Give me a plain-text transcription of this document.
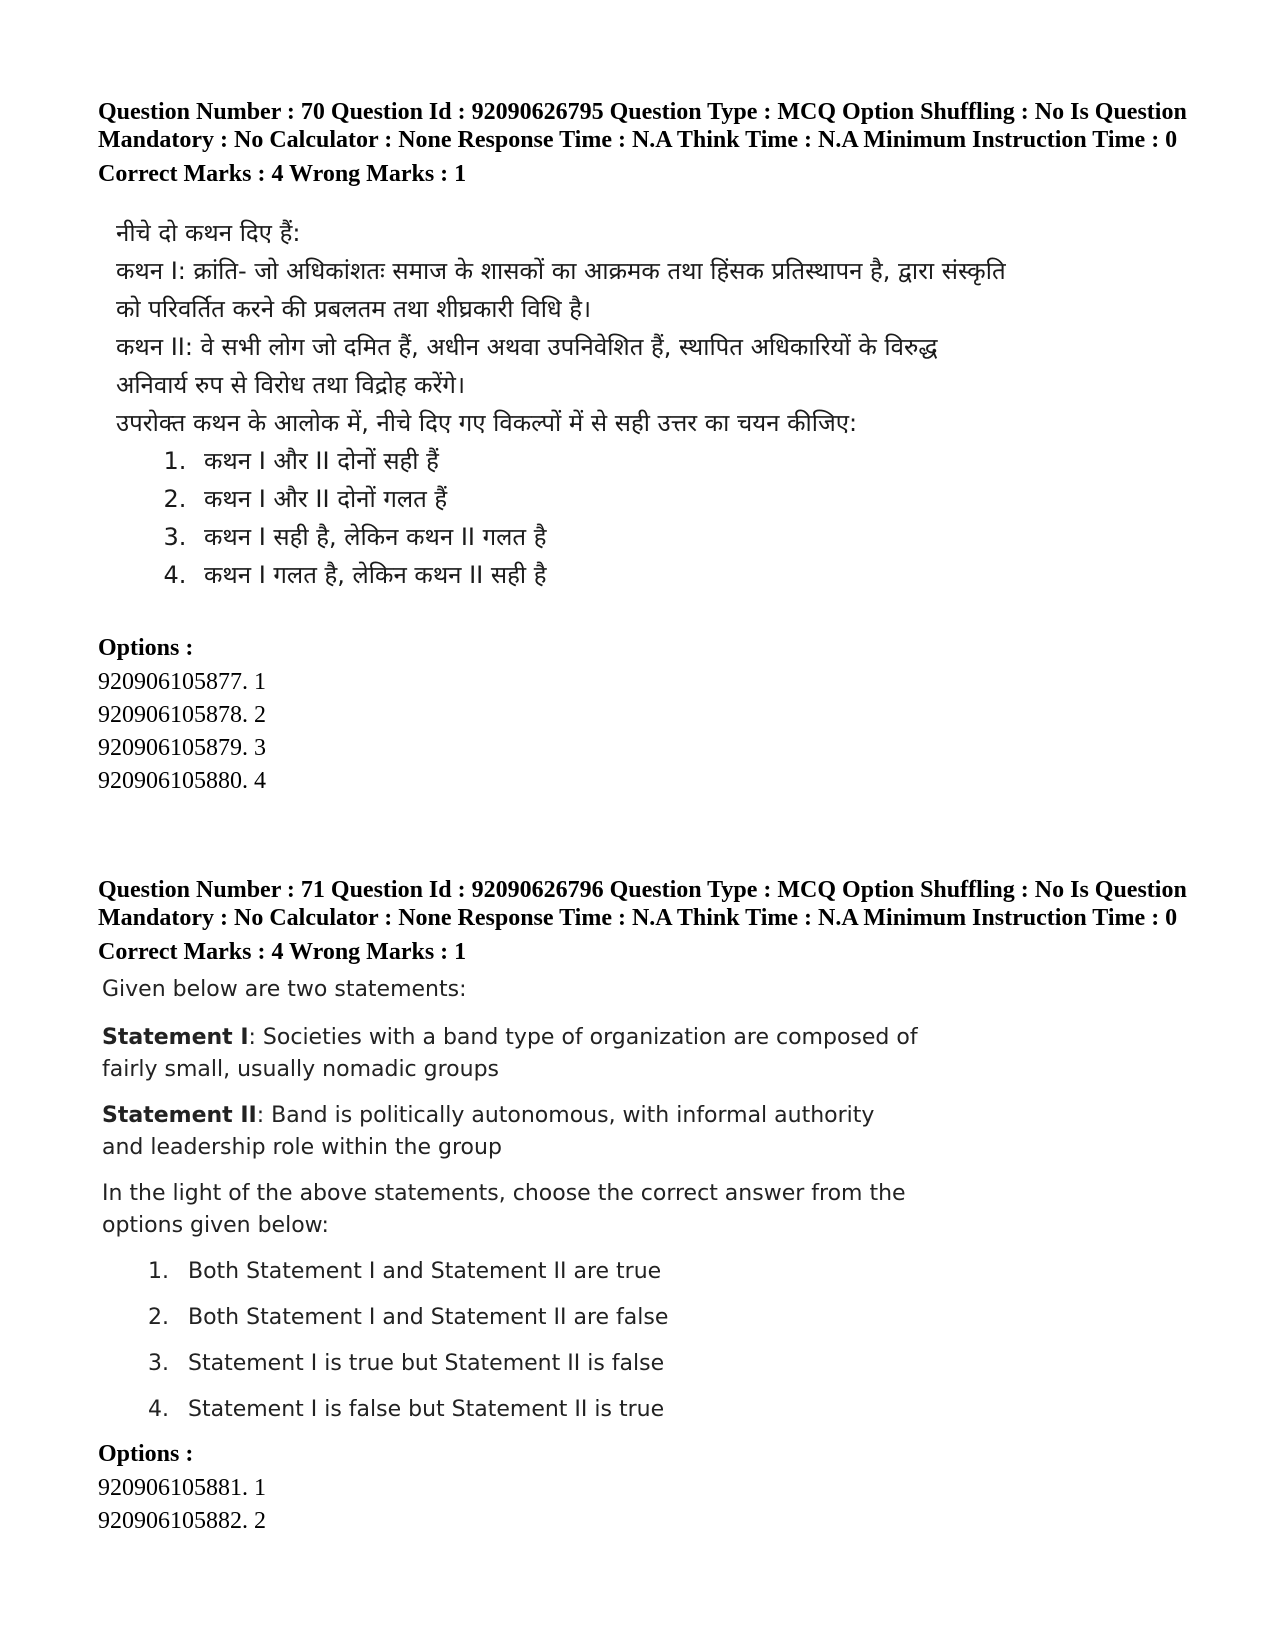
Question Number : 70 Question Id : 92090626795 Question Type : MCQ Option Shuffling : No Is Question Mandatory : No Calculator : None Response Time : N.A Think Time : N.A Minimum Instruction Time : 0

Correct Marks : 4 Wrong Marks : 1

नीचे दो कथन दिए हैं:

कथन I: क्रांति- जो अधिकांशतः समाज के शासकों का आक्रमक तथा हिंसक प्रतिस्थापन है, द्वारा संस्कृति को परिवर्तित करने की प्रबलतम तथा शीघ्रकारी विधि है।

कथन II: वे सभी लोग जो दमित हैं, अधीन अथवा उपनिवेशित हैं, स्थापित अधिकारियों के विरुद्ध अनिवार्य रुप से विरोध तथा विद्रोह करेंगे।

उपरोक्त कथन के आलोक में, नीचे दिए गए विकल्पों में से सही उत्तर का चयन कीजिए:

1. कथन I और II दोनों सही हैं
2. कथन I और II दोनों गलत हैं
3. कथन I सही है, लेकिन कथन II गलत है
4. कथन I गलत है, लेकिन कथन II सही है

Options :

920906105877. 1
920906105878. 2
920906105879. 3
920906105880. 4

Question Number : 71 Question Id : 92090626796 Question Type : MCQ Option Shuffling : No Is Question Mandatory : No Calculator : None Response Time : N.A Think Time : N.A Minimum Instruction Time : 0

Correct Marks : 4 Wrong Marks : 1

Given below are two statements:

Statement I: Societies with a band type of organization are composed of fairly small, usually nomadic groups

Statement II: Band is politically autonomous, with informal authority and leadership role within the group

In the light of the above statements, choose the correct answer from the options given below:

1. Both Statement I and Statement II are true
2. Both Statement I and Statement II are false
3. Statement I is true but Statement II is false
4. Statement I is false but Statement II is true

Options :

920906105881. 1
920906105882. 2
